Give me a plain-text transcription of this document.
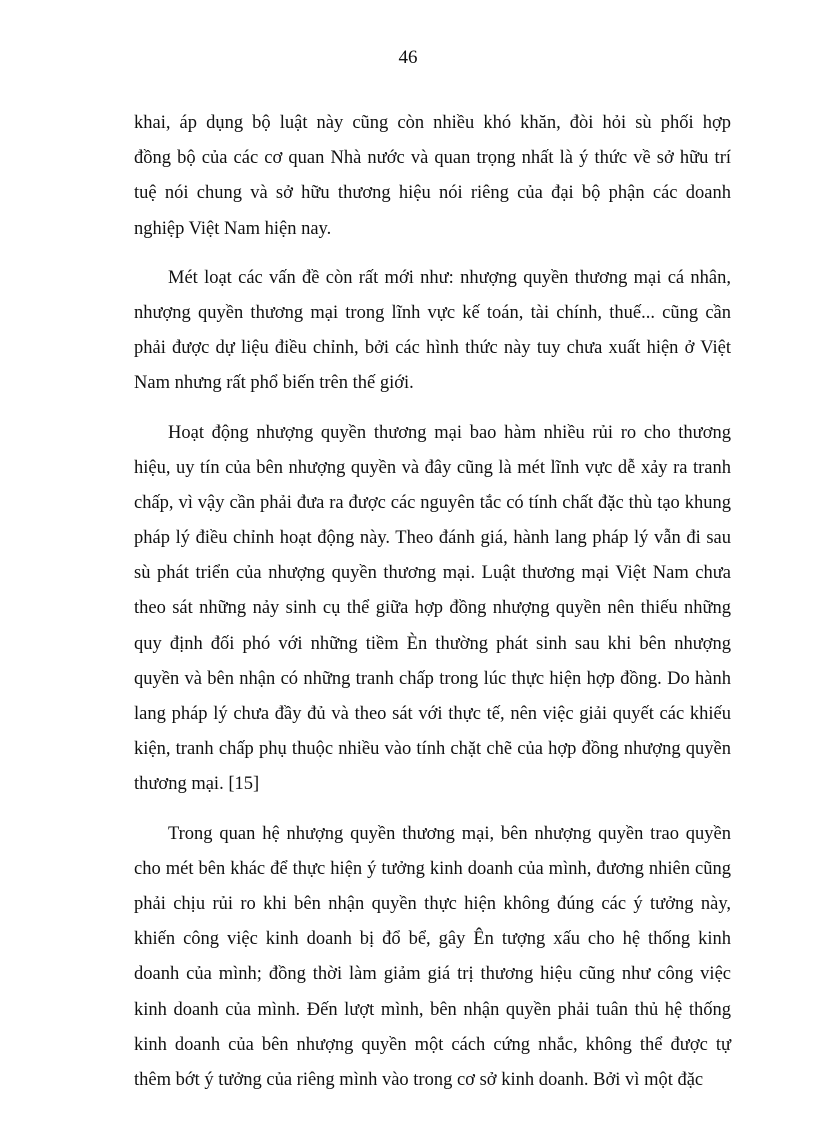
46
khai, áp dụng bộ luật này cũng còn nhiều khó khăn, đòi hỏi sù phối hợp
đồng bộ của các cơ quan Nhà nước và quan trọng nhất là ý thức về sở hữu trí
tuệ nói chung và sở hữu thương hiệu nói riêng của đại bộ phận các doanh
nghiệp Việt Nam hiện nay.
Mét loạt các vấn đề còn rất mới như: nhượng quyền thương mại cá nhân,
nhượng quyền thương mại trong lĩnh vực kế toán, tài chính, thuế... cũng cần
phải được dự liệu điều chỉnh, bởi các hình thức này tuy chưa xuất hiện ở Việt
Nam nhưng rất phổ biến trên thế giới.
Hoạt động nhượng quyền thương mại bao hàm nhiều rủi ro cho thương
hiệu, uy tín của bên nhượng quyền và đây cũng là mét lĩnh vực dễ xảy ra tranh
chấp, vì vậy cần phải đưa ra được các nguyên tắc có tính chất đặc thù tạo khung
pháp lý điều chỉnh hoạt động này. Theo đánh giá, hành lang pháp lý vẫn đi sau
sù phát triển của nhượng quyền thương mại. Luật thương mại Việt Nam chưa
theo sát những nảy sinh cụ thể giữa hợp đồng nhượng quyền nên thiếu những
quy định đối phó với những tiềm Èn thường phát sinh sau khi bên nhượng
quyền và bên nhận có những tranh chấp trong lúc thực hiện hợp đồng. Do hành
lang pháp lý chưa đầy đủ và theo sát với thực tế, nên việc giải quyết các khiếu
kiện, tranh chấp phụ thuộc nhiều vào tính chặt chẽ của hợp đồng nhượng quyền
thương mại. [15]
Trong quan hệ nhượng quyền thương mại, bên nhượng quyền trao quyền
cho mét bên khác để thực hiện ý tưởng kinh doanh của mình, đương nhiên cũng
phải chịu rủi ro khi bên nhận quyền thực hiện không đúng các ý tưởng này,
khiến công việc kinh doanh bị đổ bể, gây Ên tượng xấu cho hệ thống kinh
doanh của mình; đồng thời làm giảm giá trị thương hiệu cũng như công việc
kinh doanh của mình. Đến lượt mình, bên nhận quyền phải tuân thủ hệ thống
kinh doanh của bên nhượng quyền một cách cứng nhắc, không thể được tự
thêm bớt ý tưởng của riêng mình vào trong cơ sở kinh doanh. Bởi vì một đặc
